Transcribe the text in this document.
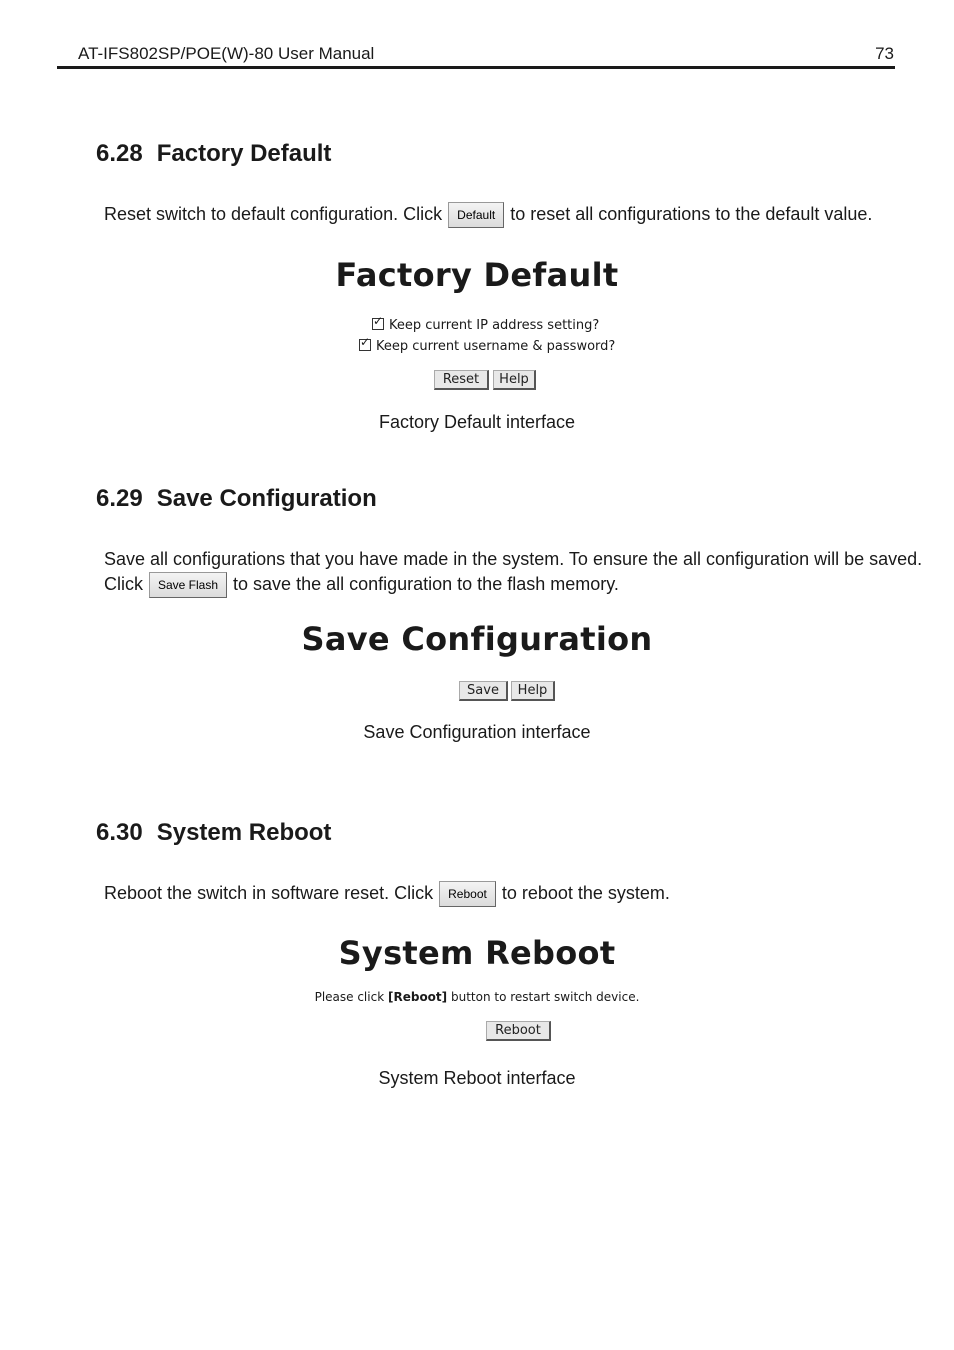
AT-IFS802SP/POE(W)-80 User Manual	73
6.28 Factory Default
Reset switch to default configuration. Click Default to reset all configurations to the default value.
Factory Default
✓ Keep current IP address setting?
✓ Keep current username & password?
Reset	Help
Factory Default interface
6.29 Save Configuration
Save all configurations that you have made in the system. To ensure the all configuration will be saved.
Click Save Flash to save the all configuration to the flash memory.
Save Configuration
Save	Help
Save Configuration interface
6.30 System Reboot
Reboot the switch in software reset. Click Reboot to reboot the system.
System Reboot
Please click [Reboot] button to restart switch device.
Reboot
System Reboot interface
